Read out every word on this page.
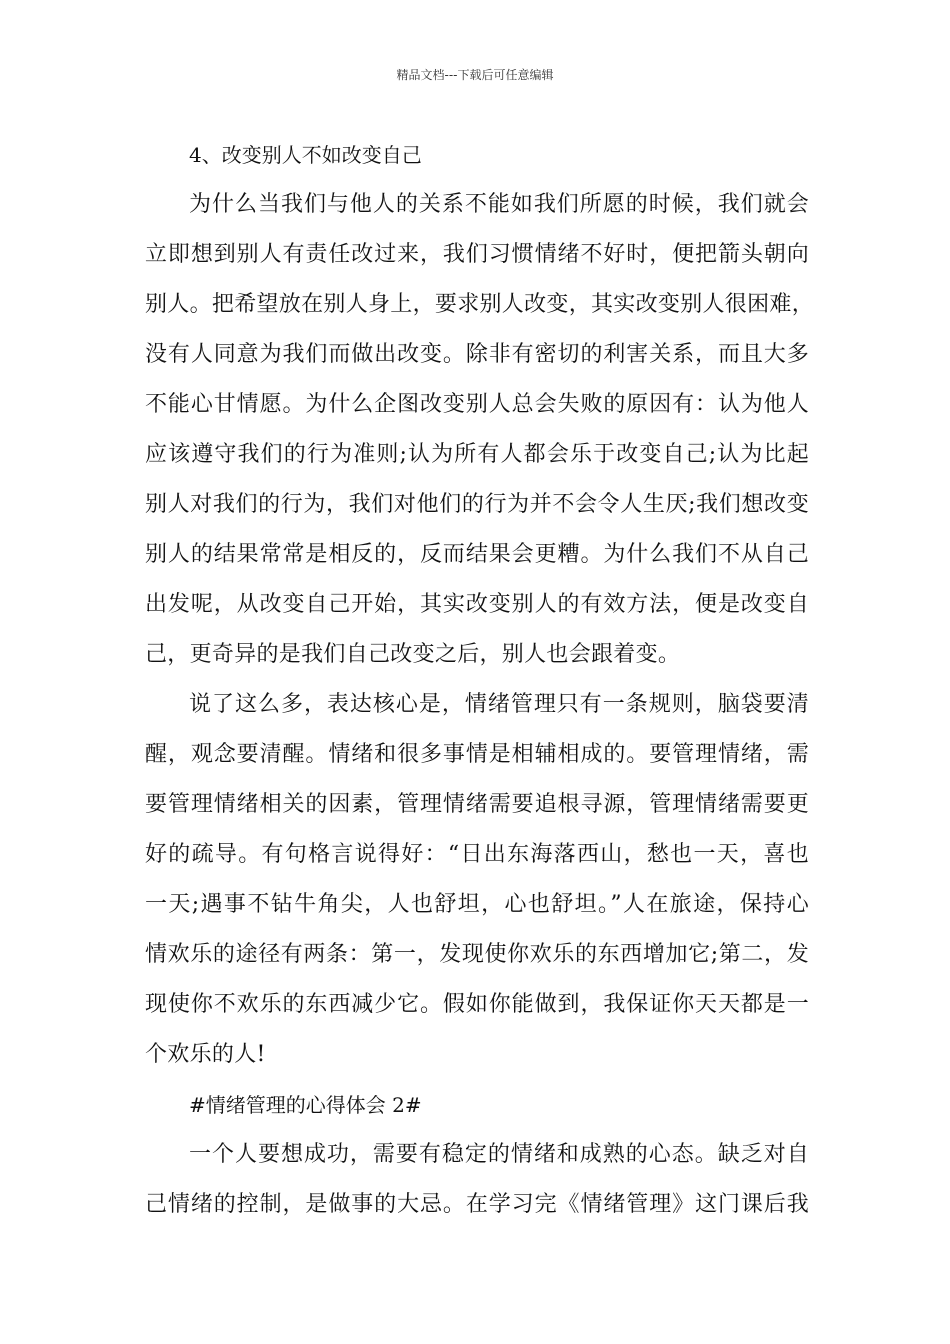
精品文档---下载后可任意编辑
4、改变别人不如改变自己

为什么当我们与他人的关系不能如我们所愿的时候，我们就会
立即想到别人有责任改过来，我们习惯情绪不好时，便把箭头朝向
别人。把希望放在别人身上，要求别人改变，其实改变别人很困难，
没有人同意为我们而做出改变。除非有密切的利害关系，而且大多
不能心甘情愿。为什么企图改变别人总会失败的原因有：认为他人
应该遵守我们的行为准则;认为所有人都会乐于改变自己;认为比起
别人对我们的行为，我们对他们的行为并不会令人生厌;我们想改变
别人的结果常常是相反的，反而结果会更糟。为什么我们不从自己
出发呢，从改变自己开始，其实改变别人的有效方法，便是改变自
己，更奇异的是我们自己改变之后，别人也会跟着变。

说了这么多，表达核心是，情绪管理只有一条规则，脑袋要清
醒，观念要清醒。情绪和很多事情是相辅相成的。要管理情绪，需
要管理情绪相关的因素，管理情绪需要追根寻源，管理情绪需要更
好的疏导。有句格言说得好：“日出东海落西山，愁也一天，喜也
一天;遇事不钻牛角尖，人也舒坦，心也舒坦。”人在旅途，保持心
情欢乐的途径有两条：第一，发现使你欢乐的东西增加它;第二，发
现使你不欢乐的东西减少它。假如你能做到，我保证你天天都是一
个欢乐的人!

#情绪管理的心得体会 2#

一个人要想成功，需要有稳定的情绪和成熟的心态。缺乏对自
己情绪的控制，是做事的大忌。在学习完《情绪管理》这门课后我
